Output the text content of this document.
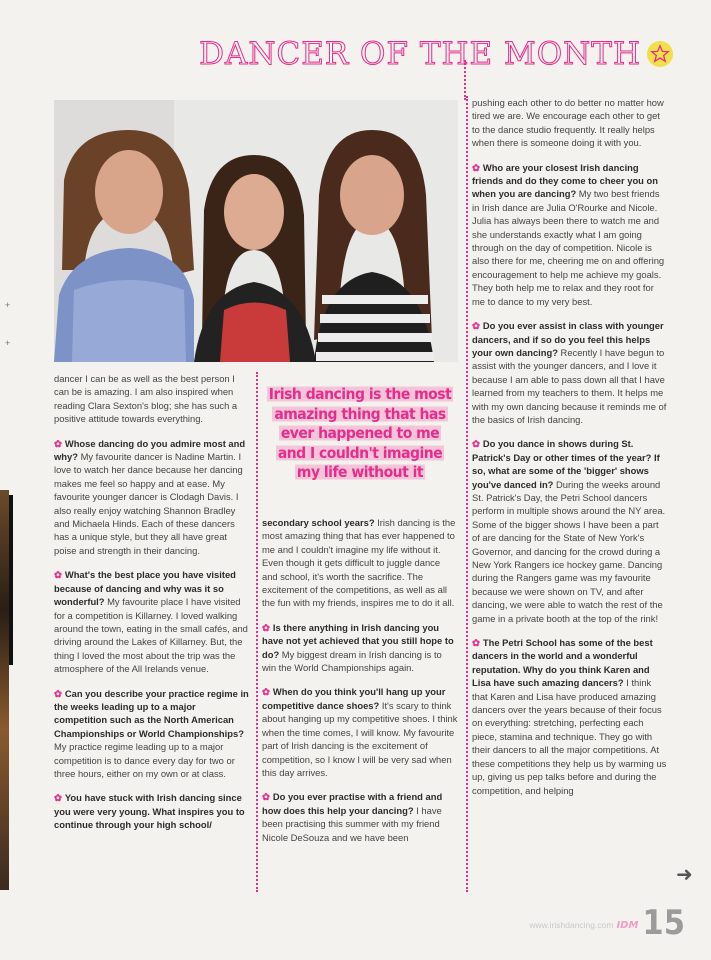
+
+
DANCER OF THE MONTH

dancer I can be as well as the best person I can be is amazing. I am also inspired when reading Clara Sexton's blog; she has such a positive attitude towards everything.

✿ Whose dancing do you admire most and why? My favourite dancer is Nadine Martin. I love to watch her dance because her dancing makes me feel so happy and at ease. My favourite younger dancer is Clodagh Davis. I also really enjoy watching Shannon Bradley and Michaela Hinds. Each of these dancers has a unique style, but they all have great poise and strength in their dancing.

✿ What's the best place you have visited because of dancing and why was it so wonderful? My favourite place I have visited for a competition is Killarney. I loved walking around the town, eating in the small cafés, and driving around the Lakes of Killarney. But, the thing I loved the most about the trip was the atmosphere of the All Irelands venue.

✿ Can you describe your practice regime in the weeks leading up to a major competition such as the North American Championships or World Championships? My practice regime leading up to a major competition is to dance every day for two or three hours, either on my own or at class.

✿ You have stuck with Irish dancing since you were very young. What inspires you to continue through your high school/

Irish dancing is the most
amazing thing that has
ever happened to me
and I couldn't imagine
my life without it

secondary school years? Irish dancing is the most amazing thing that has ever happened to me and I couldn't imagine my life without it. Even though it gets difficult to juggle dance and school, it's worth the sacrifice. The excitement of the competitions, as well as all the fun with my friends, inspires me to do it all.

✿ Is there anything in Irish dancing you have not yet achieved that you still hope to do? My biggest dream in Irish dancing is to win the World Championships again.

✿ When do you think you'll hang up your competitive dance shoes? It's scary to think about hanging up my competitive shoes. I think when the time comes, I will know. My favourite part of Irish dancing is the excitement of competition, so I know I will be very sad when this day arrives.

✿ Do you ever practise with a friend and how does this help your dancing? I have been practising this summer with my friend Nicole DeSouza and we have been

pushing each other to do better no matter how tired we are. We encourage each other to get to the dance studio frequently. It really helps when there is someone doing it with you.

✿ Who are your closest Irish dancing friends and do they come to cheer you on when you are dancing? My two best friends in Irish dance are Julia O'Rourke and Nicole. Julia has always been there to watch me and she understands exactly what I am going through on the day of competition. Nicole is also there for me, cheering me on and offering encouragement to help me achieve my goals. They both help me to relax and they root for me to dance to my very best.

✿ Do you ever assist in class with younger dancers, and if so do you feel this helps your own dancing? Recently I have begun to assist with the younger dancers, and I love it because I am able to pass down all that I have learned from my teachers to them. It helps me with my own dancing because it reminds me of the basics of Irish dancing.

✿ Do you dance in shows during St. Patrick's Day or other times of the year? If so, what are some of the 'bigger' shows you've danced in? During the weeks around St. Patrick's Day, the Petri School dancers perform in multiple shows around the NY area. Some of the bigger shows I have been a part of are dancing for the State of New York's Governor, and dancing for the crowd during a New York Rangers ice hockey game. Dancing during the Rangers game was my favourite because we were shown on TV, and after dancing, we were able to watch the rest of the game in a private booth at the top of the rink!

✿ The Petri School has some of the best dancers in the world and a wonderful reputation. Why do you think Karen and Lisa have such amazing dancers? I think that Karen and Lisa have produced amazing dancers over the years because of their focus on everything: stretching, perfecting each piece, stamina and technique. They go with their dancers to all the major competitions. At these competitions they help us by warming us up, giving us pep talks before and during the competition, and helping

➜
www.irishdancing.com IDM 15
